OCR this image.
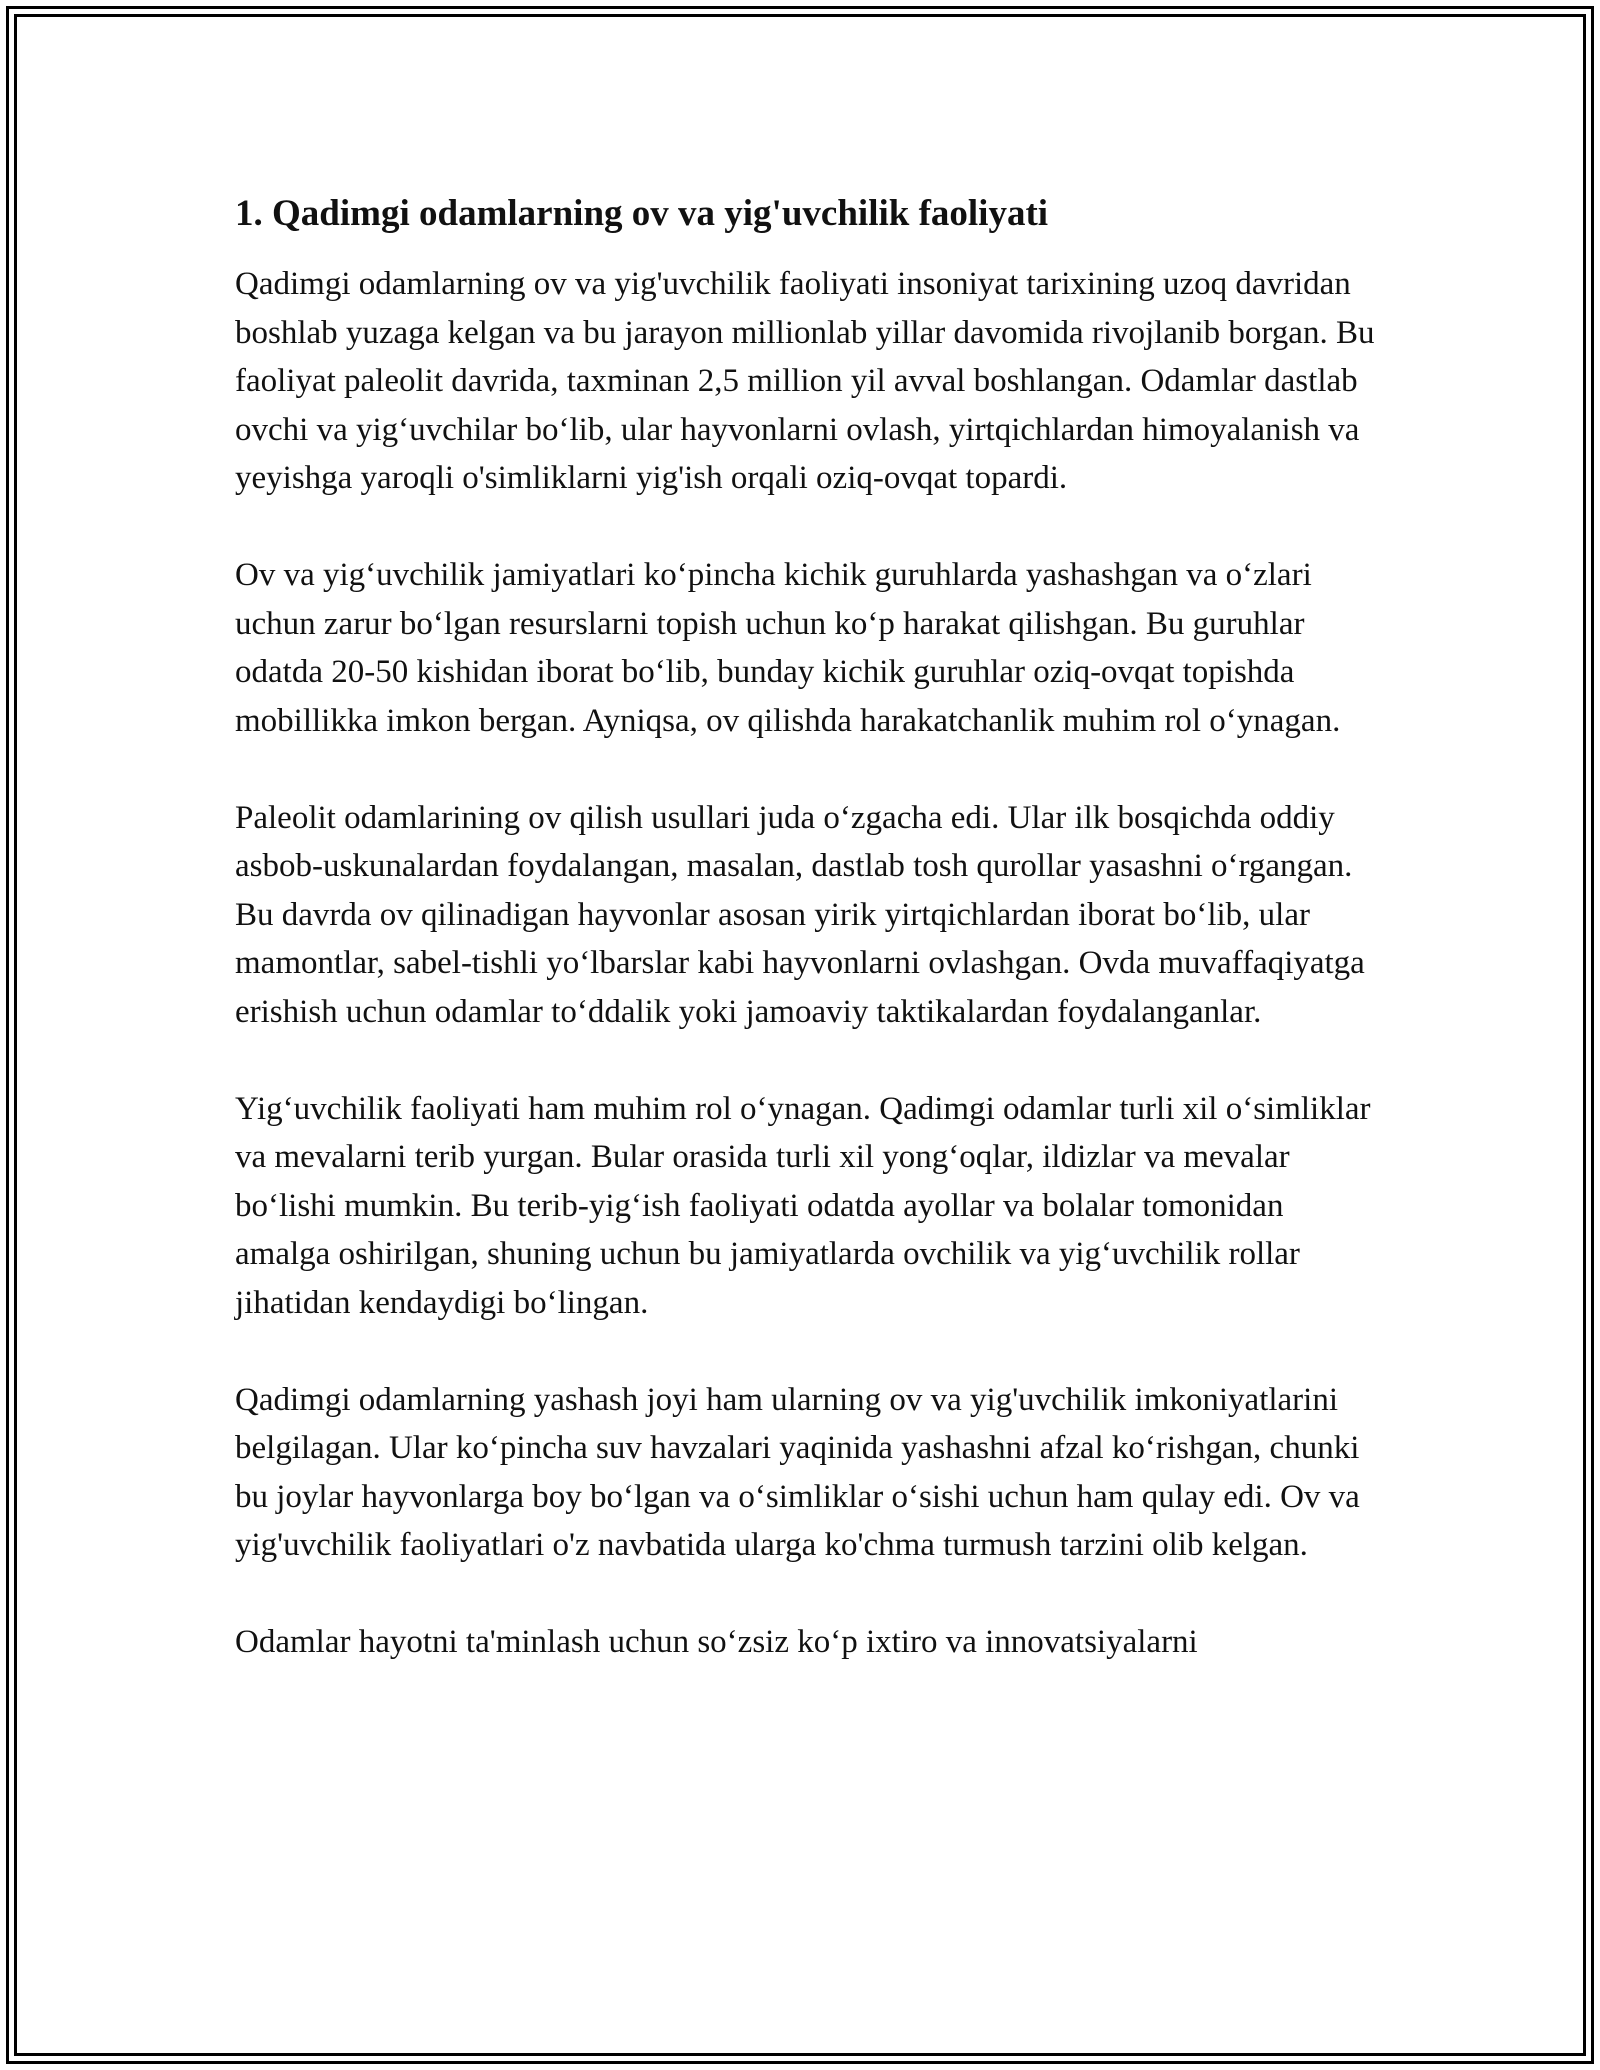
1. Qadimgi odamlarning ov va yig'uvchilik faoliyati

Qadimgi odamlarning ov va yig'uvchilik faoliyati insoniyat tarixining uzoq davridan boshlab yuzaga kelgan va bu jarayon millionlab yillar davomida rivojlanib borgan. Bu faoliyat paleolit davrida, taxminan 2,5 million yil avval boshlangan. Odamlar dastlab ovchi va yig‘uvchilar bo‘lib, ular hayvonlarni ovlash, yirtqichlardan himoyalanish va yeyishga yaroqli o'simliklarni yig'ish orqali oziq-ovqat topardi.

Ov va yig‘uvchilik jamiyatlari ko‘pincha kichik guruhlarda yashashgan va o‘zlari uchun zarur bo‘lgan resurslarni topish uchun ko‘p harakat qilishgan. Bu guruhlar odatda 20-50 kishidan iborat bo‘lib, bunday kichik guruhlar oziq-ovqat topishda mobillikka imkon bergan. Ayniqsa, ov qilishda harakatchanlik muhim rol o‘ynagan.

Paleolit odamlarining ov qilish usullari juda o‘zgacha edi. Ular ilk bosqichda oddiy asbob-uskunalardan foydalangan, masalan, dastlab tosh qurollar yasashni o‘rgangan. Bu davrda ov qilinadigan hayvonlar asosan yirik yirtqichlardan iborat bo‘lib, ular mamontlar, sabel-tishli yo‘lbarslar kabi hayvonlarni ovlashgan. Ovda muvaffaqiyatga erishish uchun odamlar to‘ddalik yoki jamoaviy taktikalardan foydalanganlar.

Yig‘uvchilik faoliyati ham muhim rol o‘ynagan. Qadimgi odamlar turli xil o‘simliklar va mevalarni terib yurgan. Bular orasida turli xil yong‘oqlar, ildizlar va mevalar bo‘lishi mumkin. Bu terib-yig‘ish faoliyati odatda ayollar va bolalar tomonidan amalga oshirilgan, shuning uchun bu jamiyatlarda ovchilik va yig‘uvchilik rollar jihatidan kendaydigi bo‘lingan.

Qadimgi odamlarning yashash joyi ham ularning ov va yig'uvchilik imkoniyatlarini belgilagan. Ular ko‘pincha suv havzalari yaqinida yashashni afzal ko‘rishgan, chunki bu joylar hayvonlarga boy bo‘lgan va o‘simliklar o‘sishi uchun ham qulay edi. Ov va yig'uvchilik faoliyatlari o'z navbatida ularga ko'chma turmush tarzini olib kelgan.

Odamlar hayotni ta'minlash uchun so‘zsiz ko‘p ixtiro va innovatsiyalarni
